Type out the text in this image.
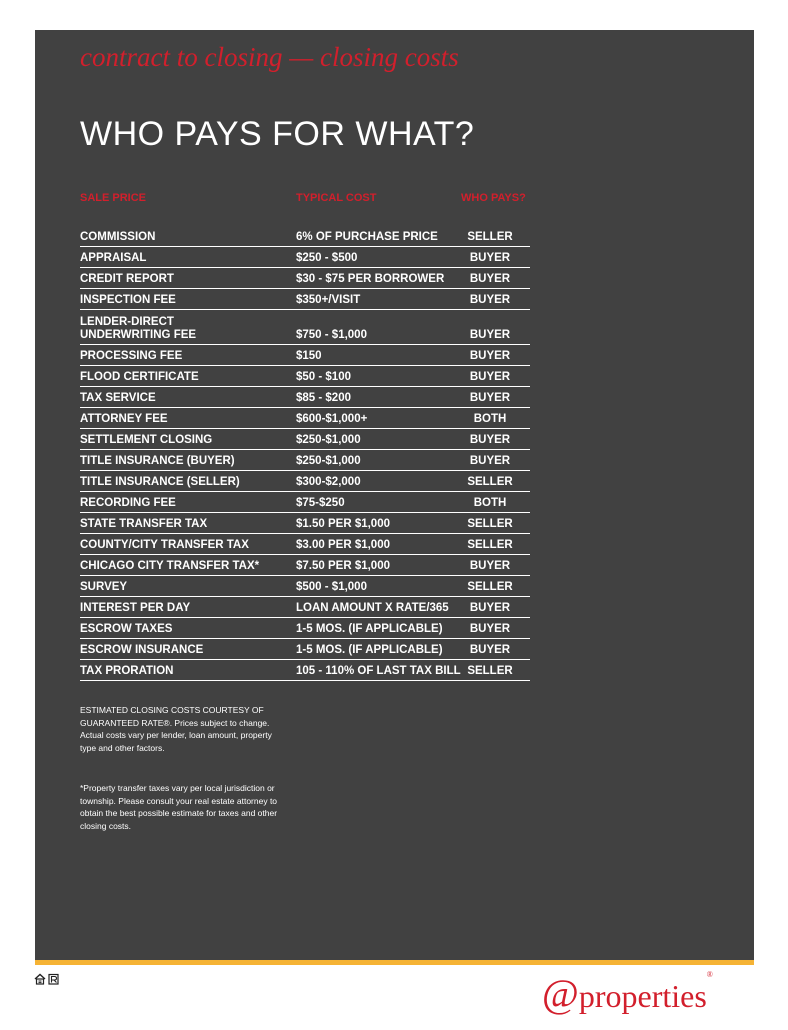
contract to closing — closing costs
WHO PAYS FOR WHAT?
SALE PRICE	TYPICAL COST	WHO PAYS?
COMMISSION	6% OF PURCHASE PRICE	SELLER
APPRAISAL	$250 - $500	BUYER
CREDIT REPORT	$30 - $75 PER BORROWER	BUYER
INSPECTION FEE	$350+/VISIT	BUYER
LENDER-DIRECT
UNDERWRITING FEE	$750 - $1,000	BUYER
PROCESSING FEE	$150	BUYER
FLOOD CERTIFICATE	$50 - $100	BUYER
TAX SERVICE	$85 - $200	BUYER
ATTORNEY FEE	$600-$1,000+	BOTH
SETTLEMENT CLOSING	$250-$1,000	BUYER
TITLE INSURANCE (BUYER)	$250-$1,000	BUYER
TITLE INSURANCE (SELLER)	$300-$2,000	SELLER
RECORDING FEE	$75-$250	BOTH
STATE TRANSFER TAX	$1.50 PER $1,000	SELLER
COUNTY/CITY TRANSFER TAX	$3.00 PER $1,000	SELLER
CHICAGO CITY TRANSFER TAX*	$7.50 PER $1,000	BUYER
SURVEY	$500 - $1,000	SELLER
INTEREST PER DAY	LOAN AMOUNT X RATE/365	BUYER
ESCROW TAXES	1-5 MOS. (IF APPLICABLE)	BUYER
ESCROW INSURANCE	1-5 MOS. (IF APPLICABLE)	BUYER
TAX PRORATION	105 - 110% OF LAST TAX BILL SELLER
ESTIMATED CLOSING COSTS COURTESY OF GUARANTEED RATE®. Prices subject to change. Actual costs vary per lender, loan amount, property type and other factors.
*Property transfer taxes vary per local jurisdiction or township. Please consult your real estate attorney to obtain the best possible estimate for taxes and other closing costs.
@properties®
